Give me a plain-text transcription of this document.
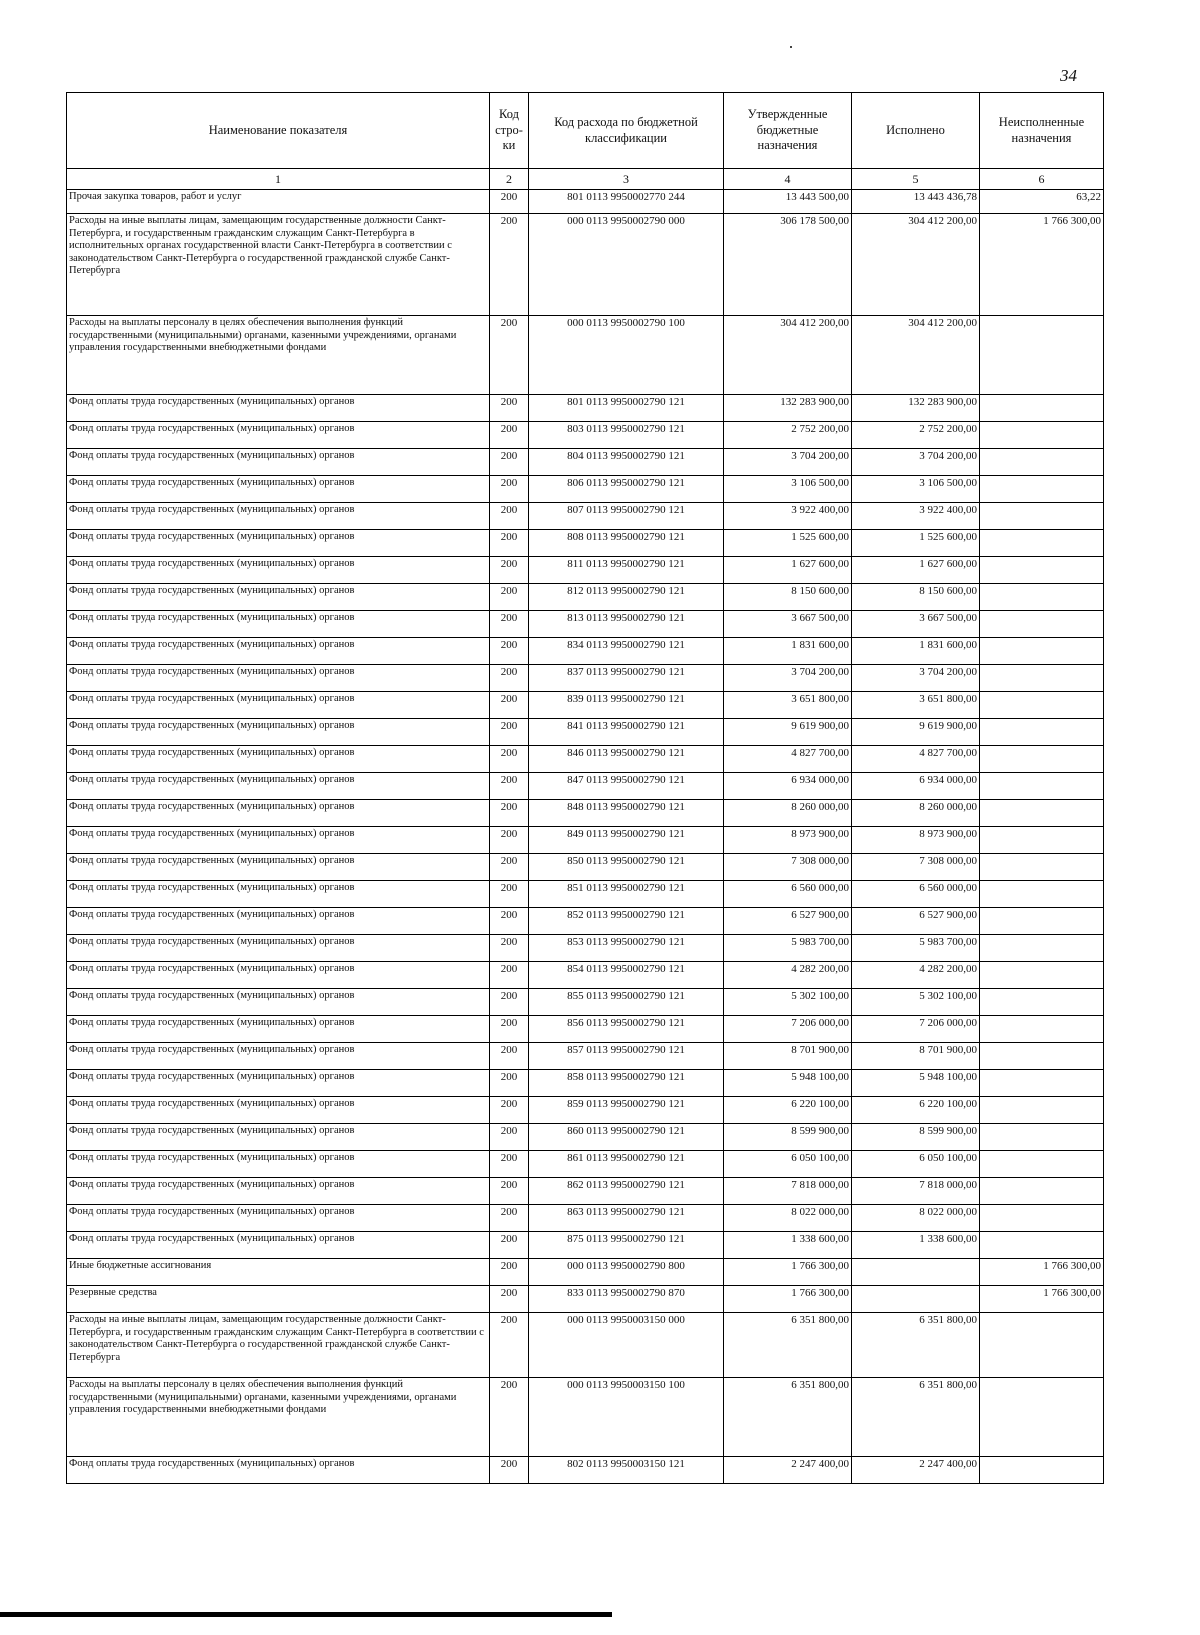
34
Наименование показателя	Код стро-ки	Код расхода по бюджетной классификации	Утвержденные бюджетные назначения	Исполнено	Неисполненные назначения
1	2	3	4	5	6
Прочая закупка товаров, работ и услуг	200	801 0113 9950002770 244	13 443 500,00	13 443 436,78	63,22
Расходы на иные выплаты лицам, замещающим государственные должности Санкт-Петербурга, и государственным гражданским служащим Санкт-Петербурга в исполнительных органах государственной власти Санкт-Петербурга в соответствии с законодательством Санкт-Петербурга о государственной гражданской службе Санкт-Петербурга	200	000 0113 9950002790 000	306 178 500,00	304 412 200,00	1 766 300,00
Расходы на выплаты персоналу в целях обеспечения выполнения функций государственными (муниципальными) органами, казенными учреждениями, органами управления государственными внебюджетными фондами	200	000 0113 9950002790 100	304 412 200,00	304 412 200,00	
Фонд оплаты труда государственных (муниципальных) органов	200	801 0113 9950002790 121	132 283 900,00	132 283 900,00	
Фонд оплаты труда государственных (муниципальных) органов	200	803 0113 9950002790 121	2 752 200,00	2 752 200,00	
Фонд оплаты труда государственных (муниципальных) органов	200	804 0113 9950002790 121	3 704 200,00	3 704 200,00	
Фонд оплаты труда государственных (муниципальных) органов	200	806 0113 9950002790 121	3 106 500,00	3 106 500,00	
Фонд оплаты труда государственных (муниципальных) органов	200	807 0113 9950002790 121	3 922 400,00	3 922 400,00	
Фонд оплаты труда государственных (муниципальных) органов	200	808 0113 9950002790 121	1 525 600,00	1 525 600,00	
Фонд оплаты труда государственных (муниципальных) органов	200	811 0113 9950002790 121	1 627 600,00	1 627 600,00	
Фонд оплаты труда государственных (муниципальных) органов	200	812 0113 9950002790 121	8 150 600,00	8 150 600,00	
Фонд оплаты труда государственных (муниципальных) органов	200	813 0113 9950002790 121	3 667 500,00	3 667 500,00	
Фонд оплаты труда государственных (муниципальных) органов	200	834 0113 9950002790 121	1 831 600,00	1 831 600,00	
Фонд оплаты труда государственных (муниципальных) органов	200	837 0113 9950002790 121	3 704 200,00	3 704 200,00	
Фонд оплаты труда государственных (муниципальных) органов	200	839 0113 9950002790 121	3 651 800,00	3 651 800,00	
Фонд оплаты труда государственных (муниципальных) органов	200	841 0113 9950002790 121	9 619 900,00	9 619 900,00	
Фонд оплаты труда государственных (муниципальных) органов	200	846 0113 9950002790 121	4 827 700,00	4 827 700,00	
Фонд оплаты труда государственных (муниципальных) органов	200	847 0113 9950002790 121	6 934 000,00	6 934 000,00	
Фонд оплаты труда государственных (муниципальных) органов	200	848 0113 9950002790 121	8 260 000,00	8 260 000,00	
Фонд оплаты труда государственных (муниципальных) органов	200	849 0113 9950002790 121	8 973 900,00	8 973 900,00	
Фонд оплаты труда государственных (муниципальных) органов	200	850 0113 9950002790 121	7 308 000,00	7 308 000,00	
Фонд оплаты труда государственных (муниципальных) органов	200	851 0113 9950002790 121	6 560 000,00	6 560 000,00	
Фонд оплаты труда государственных (муниципальных) органов	200	852 0113 9950002790 121	6 527 900,00	6 527 900,00	
Фонд оплаты труда государственных (муниципальных) органов	200	853 0113 9950002790 121	5 983 700,00	5 983 700,00	
Фонд оплаты труда государственных (муниципальных) органов	200	854 0113 9950002790 121	4 282 200,00	4 282 200,00	
Фонд оплаты труда государственных (муниципальных) органов	200	855 0113 9950002790 121	5 302 100,00	5 302 100,00	
Фонд оплаты труда государственных (муниципальных) органов	200	856 0113 9950002790 121	7 206 000,00	7 206 000,00	
Фонд оплаты труда государственных (муниципальных) органов	200	857 0113 9950002790 121	8 701 900,00	8 701 900,00	
Фонд оплаты труда государственных (муниципальных) органов	200	858 0113 9950002790 121	5 948 100,00	5 948 100,00	
Фонд оплаты труда государственных (муниципальных) органов	200	859 0113 9950002790 121	6 220 100,00	6 220 100,00	
Фонд оплаты труда государственных (муниципальных) органов	200	860 0113 9950002790 121	8 599 900,00	8 599 900,00	
Фонд оплаты труда государственных (муниципальных) органов	200	861 0113 9950002790 121	6 050 100,00	6 050 100,00	
Фонд оплаты труда государственных (муниципальных) органов	200	862 0113 9950002790 121	7 818 000,00	7 818 000,00	
Фонд оплаты труда государственных (муниципальных) органов	200	863 0113 9950002790 121	8 022 000,00	8 022 000,00	
Фонд оплаты труда государственных (муниципальных) органов	200	875 0113 9950002790 121	1 338 600,00	1 338 600,00	
Иные бюджетные ассигнования	200	000 0113 9950002790 800	1 766 300,00		1 766 300,00
Резервные средства	200	833 0113 9950002790 870	1 766 300,00		1 766 300,00
Расходы на иные выплаты лицам, замещающим государственные должности Санкт-Петербурга, и государственным гражданским служащим Санкт-Петербурга в соответствии с законодательством Санкт-Петербурга о государственной гражданской службе Санкт-Петербурга	200	000 0113 9950003150 000	6 351 800,00	6 351 800,00	
Расходы на выплаты персоналу в целях обеспечения выполнения функций государственными (муниципальными) органами, казенными учреждениями, органами управления государственными внебюджетными фондами	200	000 0113 9950003150 100	6 351 800,00	6 351 800,00	
Фонд оплаты труда государственных (муниципальных) органов	200	802 0113 9950003150 121	2 247 400,00	2 247 400,00	
